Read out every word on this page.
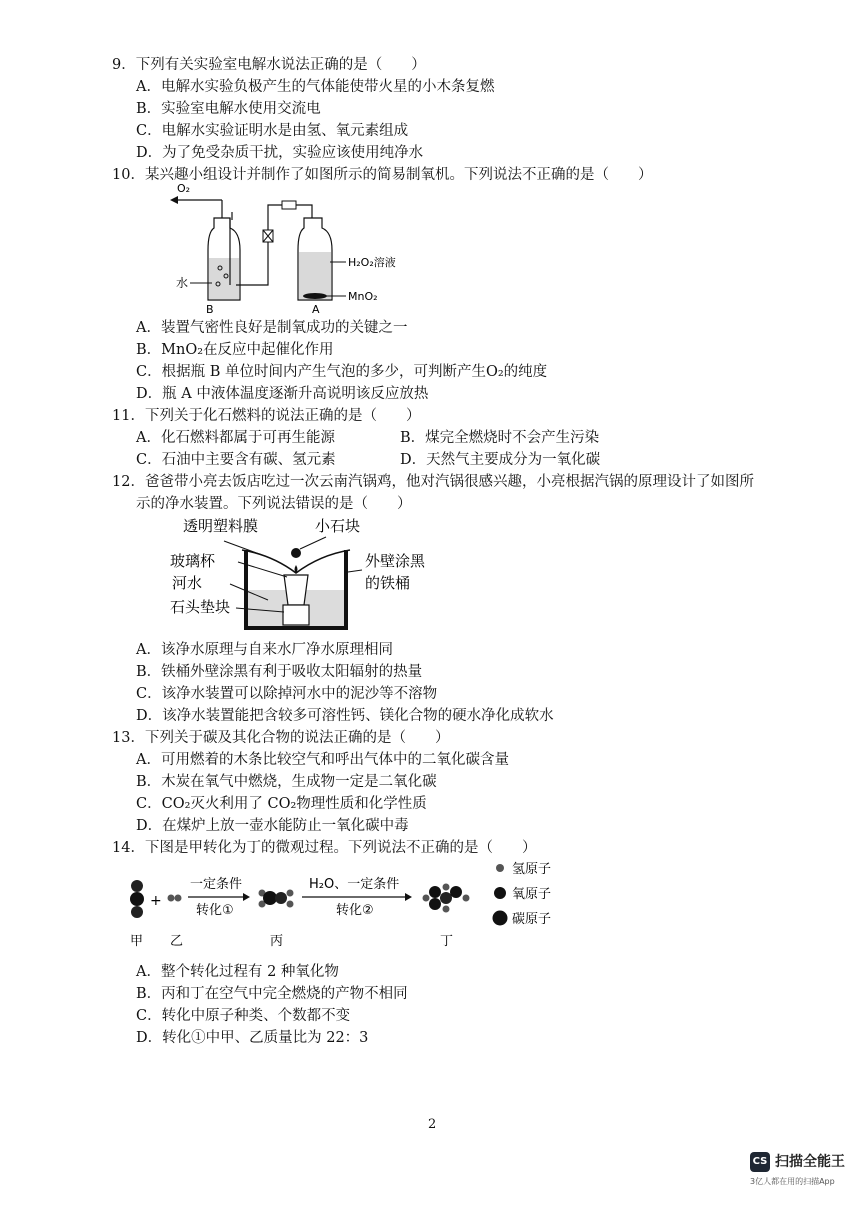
9．下列有关实验室电解水说法正确的是（　　）
A．电解水实验负极产生的气体能使带火星的小木条复燃
B．实验室电解水使用交流电
C．电解水实验证明水是由氢、氧元素组成
D．为了免受杂质干扰，实验应该使用纯净水
10．某兴趣小组设计并制作了如图所示的简易制氧机。下列说法不正确的是（　　）
O₂
H₂O₂溶液
MnO₂
水
B	A
透明塑料膜	小石块
玻璃杯
河水
石头垫块
外壁涂黑
的铁桶
+
一定条件
转化①
H₂O、一定条件
转化②
甲 乙	丙	丁
氢原子
氧原子
碳原子
A．装置气密性良好是制氧成功的关键之一
B．MnO₂在反应中起催化作用
C．根据瓶 B 单位时间内产生气泡的多少，可判断产生O₂的纯度
D．瓶 A 中液体温度逐渐升高说明该反应放热
11．下列关于化石燃料的说法正确的是（　　）
A．化石燃料都属于可再生能源	B．煤完全燃烧时不会产生污染
C．石油中主要含有碳、氢元素	D．天然气主要成分为一氧化碳
12．爸爸带小亮去饭店吃过一次云南汽锅鸡，他对汽锅很感兴趣，小亮根据汽锅的原理设计了如图所
示的净水装置。下列说法错误的是（　　）
A．该净水原理与自来水厂净水原理相同
B．铁桶外壁涂黑有利于吸收太阳辐射的热量
C．该净水装置可以除掉河水中的泥沙等不溶物
D．该净水装置能把含较多可溶性钙、镁化合物的硬水净化成软水
13．下列关于碳及其化合物的说法正确的是（　　）
A．可用燃着的木条比较空气和呼出气体中的二氧化碳含量
B．木炭在氧气中燃烧，生成物一定是二氧化碳
C．CO₂灭火利用了 CO₂物理性质和化学性质
D．在煤炉上放一壶水能防止一氧化碳中毒
14．下图是甲转化为丁的微观过程。下列说法不正确的是（　　）
A．整个转化过程有 2 种氧化物
B．丙和丁在空气中完全燃烧的产物不相同
C．转化中原子种类、个数都不变
D．转化①中甲、乙质量比为 22：3
2
CS 扫描全能王
3亿人都在用的扫描App
